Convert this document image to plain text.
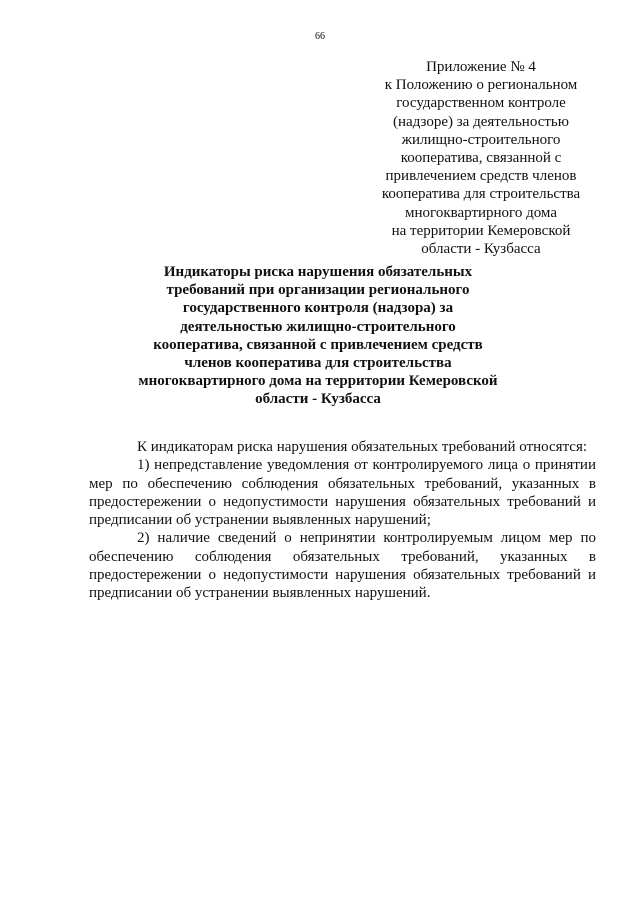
66
Приложение № 4
к Положению о региональном
государственном контроле
(надзоре) за деятельностью
жилищно-строительного
кооператива, связанной с
привлечением средств членов
кооператива для строительства
многоквартирного дома
на территории Кемеровской
области - Кузбасса
Индикаторы риска нарушения обязательных
требований при организации регионального
государственного контроля (надзора) за
деятельностью жилищно-строительного
кооператива, связанной с привлечением средств
членов кооператива для строительства
многоквартирного дома на территории Кемеровской
области - Кузбасса

К индикаторам риска нарушения обязательных требований относятся:

1) непредставление уведомления от контролируемого лица о принятии мер по обеспечению соблюдения обязательных требований, указанных в предостережении о недопустимости нарушения обязательных требований и предписании об устранении выявленных нарушений;

2) наличие сведений о непринятии контролируемым лицом мер по обеспечению соблюдения обязательных требований, указанных в предостережении о недопустимости нарушения обязательных требований и предписании об устранении выявленных нарушений.
